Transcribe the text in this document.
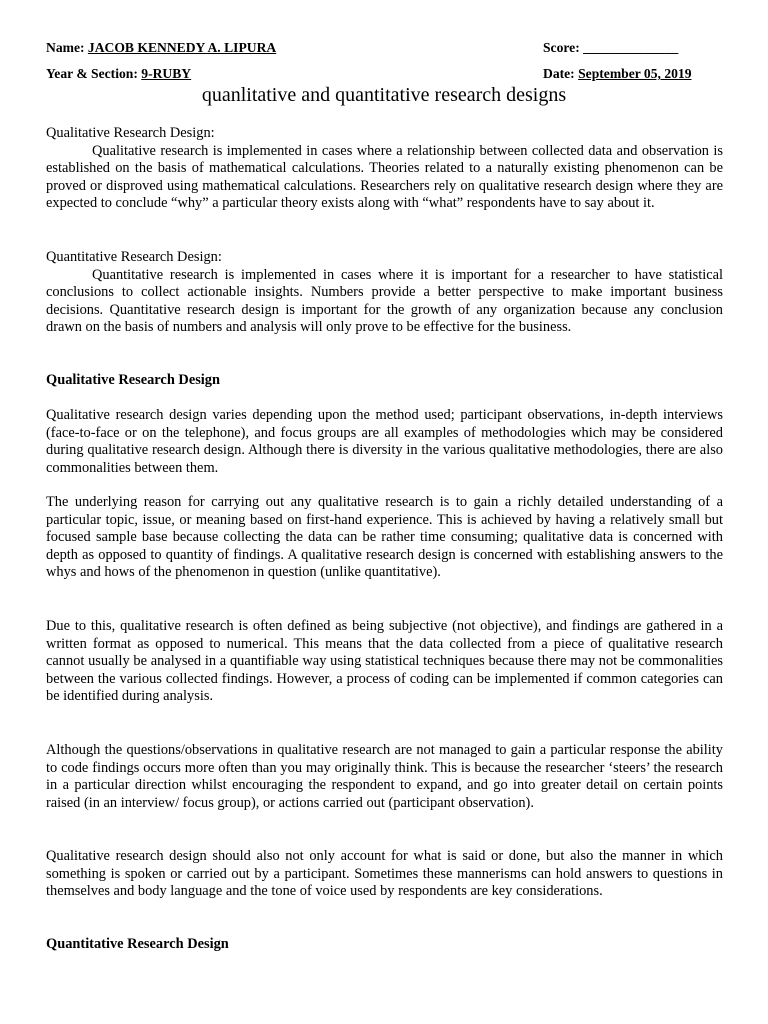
Name: JACOB KENNEDY A. LIPURA	Score: ______________
Year & Section: 9-RUBY	Date: September 05, 2019
quanlitative and quantitative research designs

Qualitative Research Design:

Qualitative research is implemented in cases where a relationship between collected data and observation is established on the basis of mathematical calculations. Theories related to a naturally existing phenomenon can be proved or disproved using mathematical calculations. Researchers rely on qualitative research design where they are expected to conclude “why” a particular theory exists along with “what” respondents have to say about it.

Quantitative Research Design:

Quantitative research is implemented in cases where it is important for a researcher to have statistical conclusions to collect actionable insights. Numbers provide a better perspective to make important business decisions. Quantitative research design is important for the growth of any organization because any conclusion drawn on the basis of numbers and analysis will only prove to be effective for the business.

Qualitative Research Design

Qualitative research design varies depending upon the method used; participant observations, in-depth interviews (face-to-face or on the telephone), and focus groups are all examples of methodologies which may be considered during qualitative research design. Although there is diversity in the various qualitative methodologies, there are also commonalities between them.

The underlying reason for carrying out any qualitative research is to gain a richly detailed understanding of a particular topic, issue, or meaning based on first-hand experience. This is achieved by having a relatively small but focused sample base because collecting the data can be rather time consuming; qualitative data is concerned with depth as opposed to quantity of findings. A qualitative research design is concerned with establishing answers to the whys and hows of the phenomenon in question (unlike quantitative).

Due to this, qualitative research is often defined as being subjective (not objective), and findings are gathered in a written format as opposed to numerical. This means that the data collected from a piece of qualitative research cannot usually be analysed in a quantifiable way using statistical techniques because there may not be commonalities between the various collected findings. However, a process of coding can be implemented if common categories can be identified during analysis.

Although the questions/observations in qualitative research are not managed to gain a particular response the ability to code findings occurs more often than you may originally think. This is because the researcher ‘steers’ the research in a particular direction whilst encouraging the respondent to expand, and go into greater detail on certain points raised (in an interview/ focus group), or actions carried out (participant observation).

Qualitative research design should also not only account for what is said or done, but also the manner in which something is spoken or carried out by a participant. Sometimes these mannerisms can hold answers to questions in themselves and body language and the tone of voice used by respondents are key considerations.

Quantitative Research Design
